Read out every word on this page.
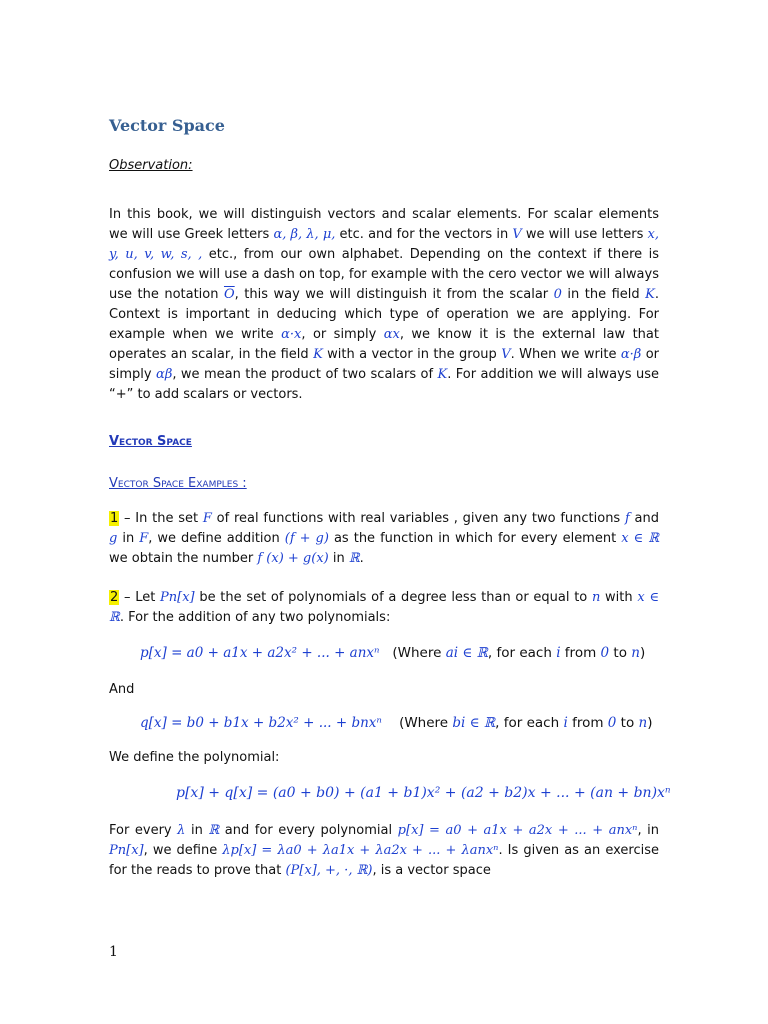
Vector Space
Observation:

In this book, we will distinguish vectors and scalar elements. For scalar elements we will use Greek letters α, β, λ, μ, etc. and for the vectors in V we will use letters x, y, u, v, w, s, , etc., from our own alphabet. Depending on the context if there is confusion we will use a dash on top, for example with the cero vector we will always use the notation $\overline{O}$, this way we will distinguish it from the scalar 0 in the field K. Context is important in deducing which type of operation we are applying. For example when we write α·x, or simply αx, we know it is the external law that operates an scalar, in the field K with a vector in the group V. When we write α·β or simply αβ, we mean the product of two scalars of K. For addition we will always use “+” to add scalars or vectors.

Vector Space
Vector Space Examples :

1 – In the set F of real functions with real variables , given any two functions f and g in F, we define addition (f + g) as the function in which for every element x ∈ ℝ we obtain the number f (x) + g(x) in ℝ.

2 – Let Pn[x] be the set of polynomials of a degree less than or equal to n with x ∈ ℝ. For the addition of any two polynomials:

p[x] = a0 + a1x + a2x² + ... + anxⁿ (Where ai ∈ ℝ, for each i from 0 to n)
And
q[x] = b0 + b1x + b2x² + ... + bnxⁿ (Where bi ∈ ℝ, for each i from 0 to n)
We define the polynomial:
p[x] + q[x] = (a0 + b0) + (a1 + b1)x² + (a2 + b2)x + ... + (an + bn)xⁿ

For every λ in ℝ and for every polynomial p[x] = a0 + a1x + a2x + ... + anxⁿ, in Pn[x], we define λp[x] = λa0 + λa1x + λa2x + ... + λanxⁿ. Is given as an exercise for the reads to prove that (P[x], +, ·, ℝ), is a vector space

1
